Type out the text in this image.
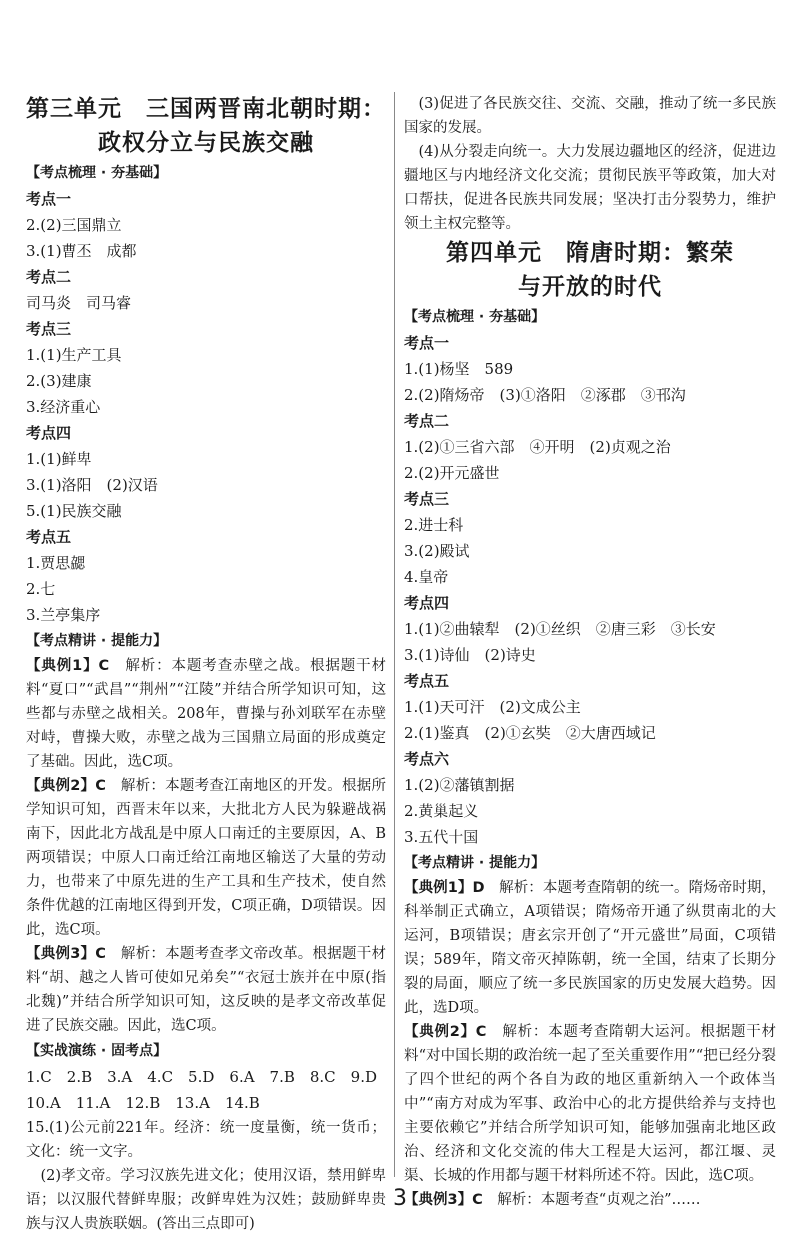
第三单元　三国两晋南北朝时期：
政权分立与民族交融
【考点梳理 · 夯基础】
考点一
2.(2)三国鼎立
3.(1)曹丕　成都
考点二
司马炎　司马睿
考点三
1.(1)生产工具
2.(3)建康
3.经济重心
考点四
1.(1)鲜卑
3.(1)洛阳　(2)汉语
5.(1)民族交融
考点五
1.贾思勰
2.七
3.兰亭集序
【考点精讲 · 提能力】
【典例1】C　 解析：本题考查赤壁之战。根据题干材料“夏口”“武昌”“荆州”“江陵”并结合所学知识可知，这些都与赤壁之战相关。208年，曹操与孙刘联军在赤壁对峙，曹操大败，赤壁之战为三国鼎立局面的形成奠定了基础。因此，选C项。
【典例2】C　 解析：本题考查江南地区的开发。根据所学知识可知，西晋末年以来，大批北方人民为躲避战祸南下，因此北方战乱是中原人口南迁的主要原因，A、B两项错误；中原人口南迁给江南地区输送了大量的劳动力，也带来了中原先进的生产工具和生产技术，使自然条件优越的江南地区得到开发，C项正确，D项错误。因此，选C项。
【典例3】C　 解析：本题考查孝文帝改革。根据题干材料“胡、越之人皆可使如兄弟矣”“衣冠士族并在中原(指北魏)”并结合所学知识可知，这反映的是孝文帝改革促进了民族交融。因此，选C项。
【实战演练 · 固考点】
1.C　2.B　3.A　4.C　5.D　6.A　7.B　8.C　9.D
10.A　11.A　12.B　13.A　14.B
15.(1)公元前221年。经济：统一度量衡，统一货币；文化：统一文字。
(2)孝文帝。学习汉族先进文化；使用汉语，禁用鲜卑语；以汉服代替鲜卑服；改鲜卑姓为汉姓；鼓励鲜卑贵族与汉人贵族联姻。(答出三点即可)
(3)促进了各民族交往、交流、交融，推动了统一多民族国家的发展。
(4)从分裂走向统一。大力发展边疆地区的经济，促进边疆地区与内地经济文化交流；贯彻民族平等政策，加大对口帮扶，促进各民族共同发展；坚决打击分裂势力，维护领土主权完整等。
第四单元　隋唐时期：繁荣
与开放的时代
【考点梳理 · 夯基础】
考点一
1.(1)杨坚　589
2.(2)隋炀帝　(3)①洛阳　②涿郡　③邗沟
考点二
1.(2)①三省六部　④开明　(2)贞观之治
2.(2)开元盛世
考点三
2.进士科
3.(2)殿试
4.皇帝
考点四
1.(1)②曲辕犁　(2)①丝织　②唐三彩　③长安
3.(1)诗仙　(2)诗史
考点五
1.(1)天可汗　(2)文成公主
2.(1)鉴真　(2)①玄奘　②大唐西域记
考点六
1.(2)②藩镇割据
2.黄巢起义
3.五代十国
【考点精讲 · 提能力】
【典例1】D　 解析：本题考查隋朝的统一。隋炀帝时期，科举制正式确立，A项错误；隋炀帝开通了纵贯南北的大运河，B项错误；唐玄宗开创了“开元盛世”局面，C项错误；589年，隋文帝灭掉陈朝，统一全国，结束了长期分裂的局面，顺应了统一多民族国家的历史发展大趋势。因此，选D项。
【典例2】C　 解析：本题考查隋朝大运河。根据题干材料“对中国长期的政治统一起了至关重要作用”“把已经分裂了四个世纪的两个各自为政的地区重新纳入一个政体当中”“南方对成为军事、政治中心的北方提供给养与支持也主要依赖它”并结合所学知识可知，能够加强南北地区政治、经济和文化交流的伟大工程是大运河，都江堰、灵渠、长城的作用都与题干材料所述不符。因此，选C项。
【典例3】C　 解析：本题考查“贞观之治”……
3
